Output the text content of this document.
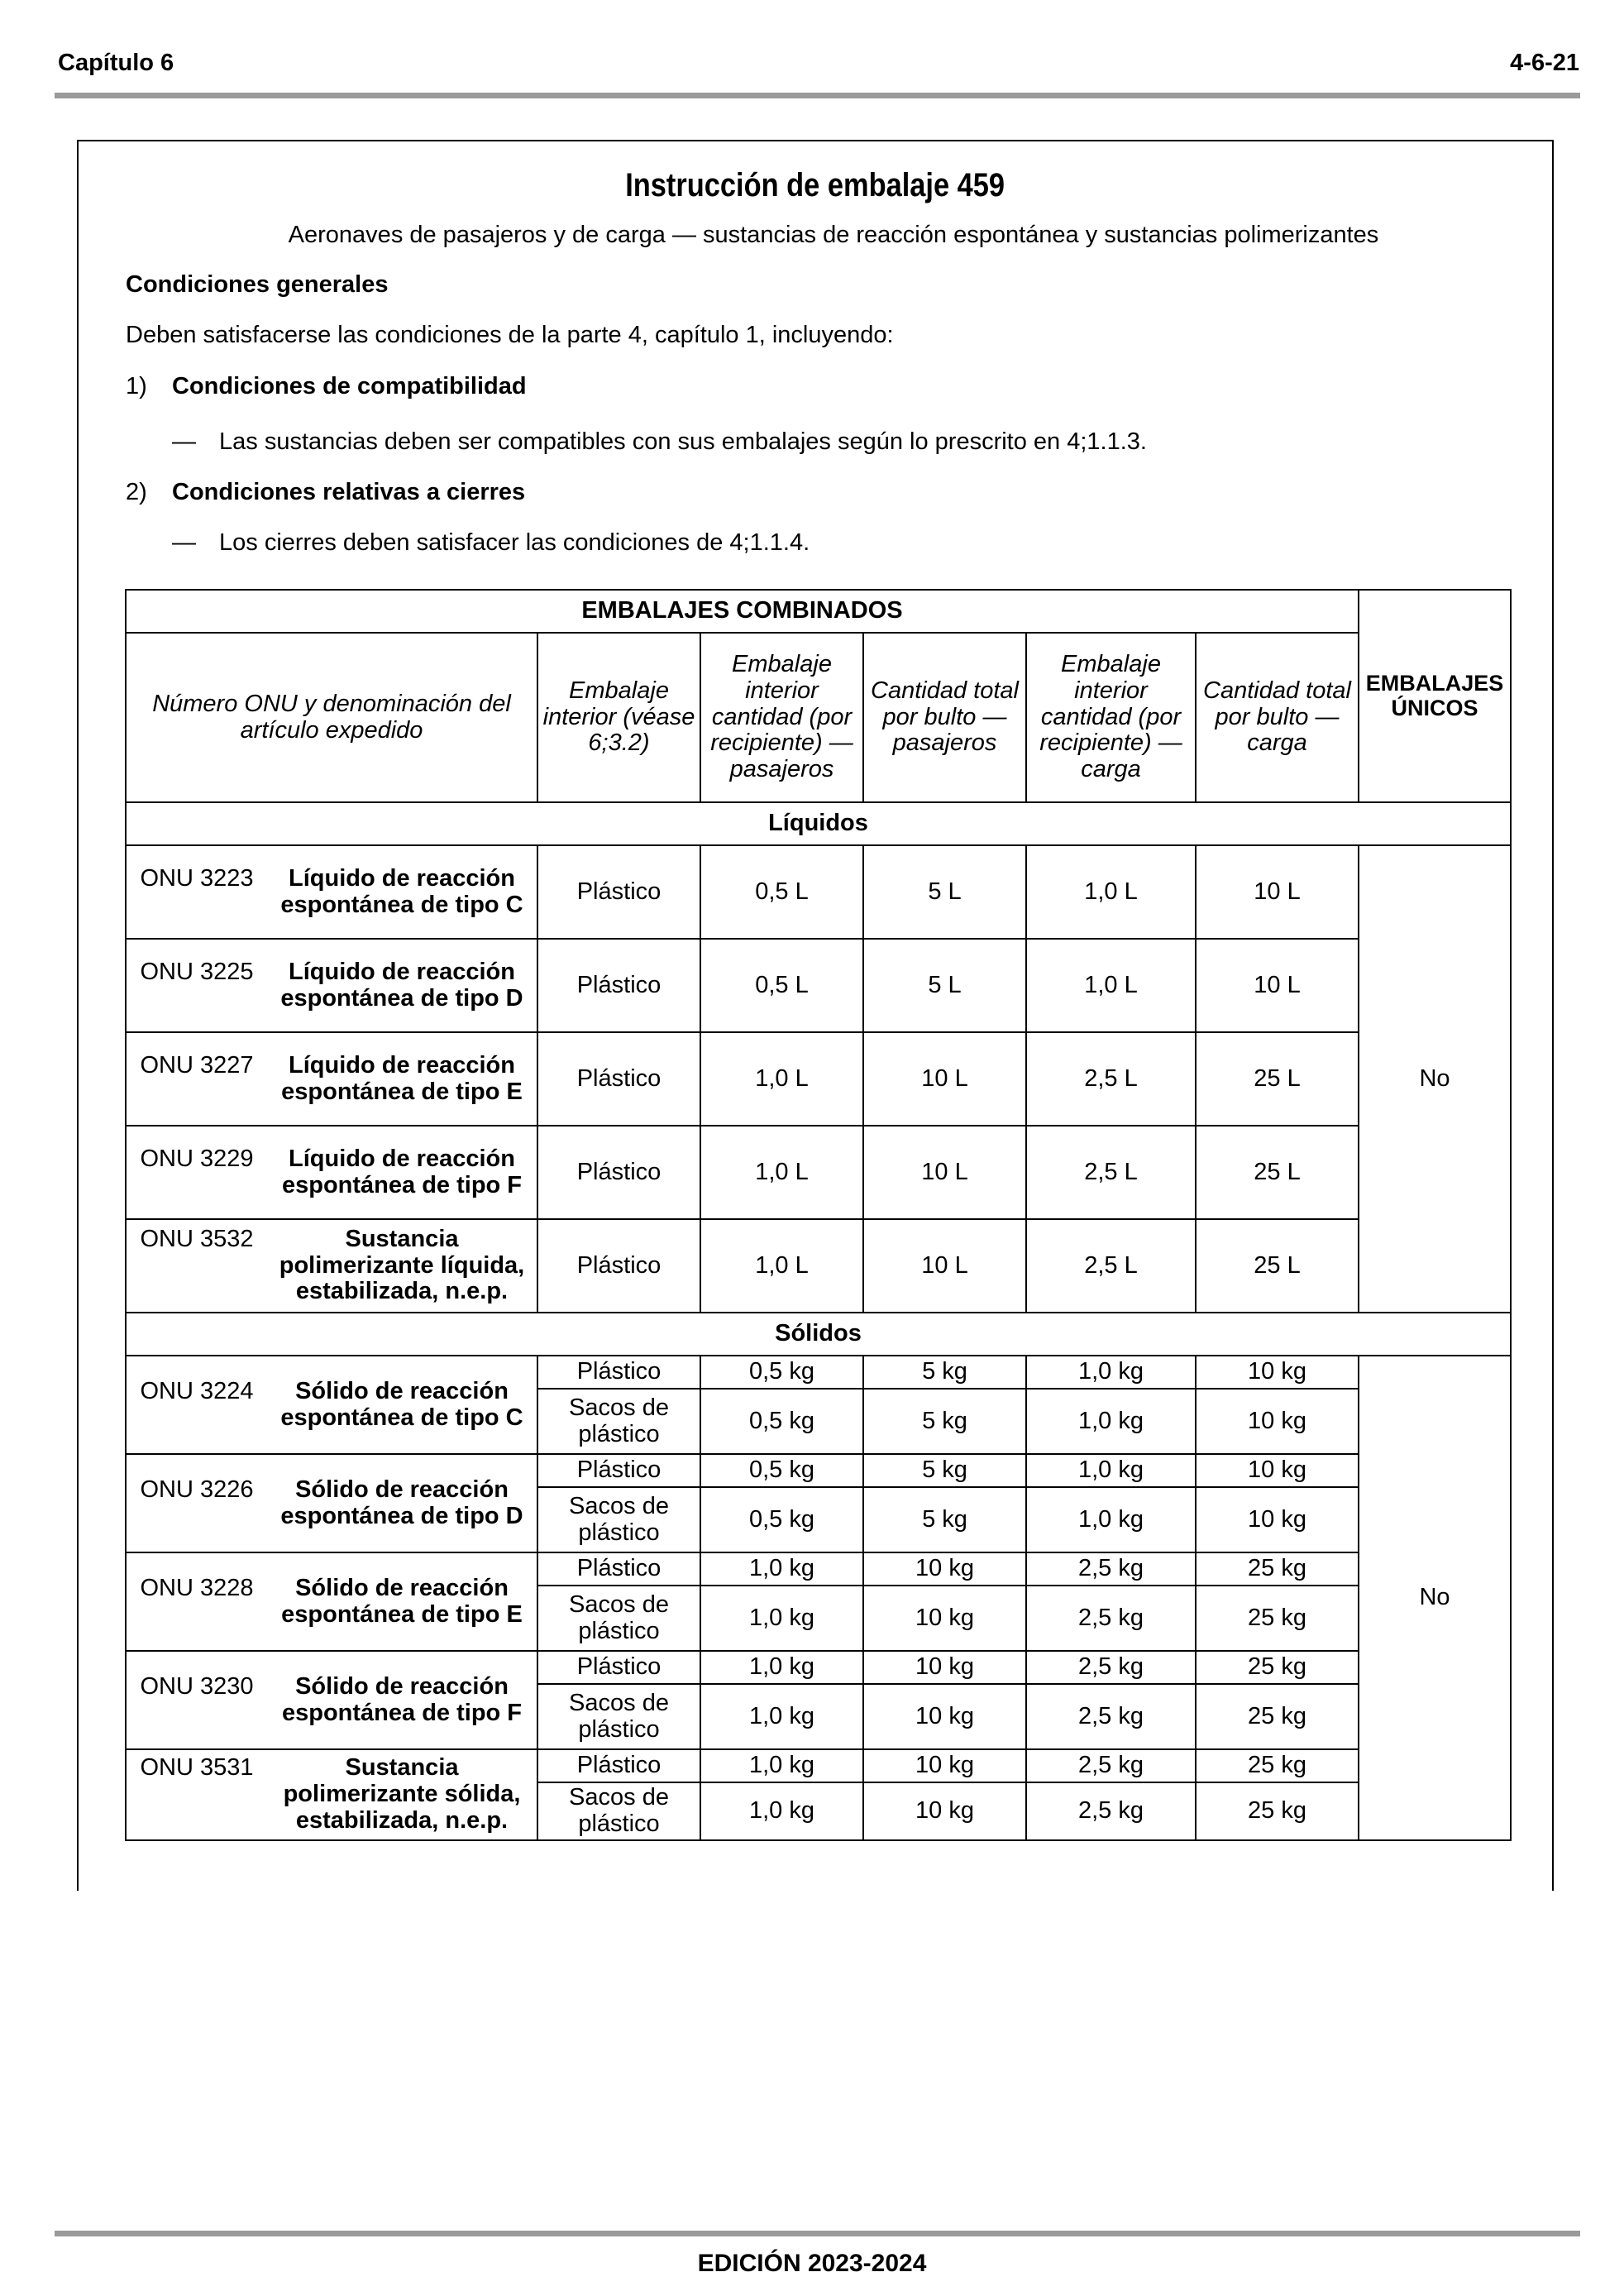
Capítulo 6	4-6-21
Instrucción de embalaje 459
Aeronaves de pasajeros y de carga — sustancias de reacción espontánea y sustancias polimerizantes
Condiciones generales
Deben satisfacerse las condiciones de la parte 4, capítulo 1, incluyendo:
1) Condiciones de compatibilidad
— Las sustancias deben ser compatibles con sus embalajes según lo prescrito en 4;1.1.3.
2) Condiciones relativas a cierres
— Los cierres deben satisfacer las condiciones de 4;1.1.4.
EMBALAJES COMBINADOS						EMBALAJES ÚNICOS
Número ONU y denominación del artículo expedido	Embalaje interior (véase 6;3.2)	Embalaje interior cantidad (por recipiente) — pasajeros	Cantidad total por bulto — pasajeros	Embalaje interior cantidad (por recipiente) — carga	Cantidad total por bulto — carga	
Líquidos						

ONU 3223 Líquido de reacción espontánea de tipo C	Plástico	0,5 L	5 L	1,0 L	10 L	No

ONU 3225 Líquido de reacción espontánea de tipo D	Plástico	0,5 L	5 L	1,0 L	10 L	

ONU 3227 Líquido de reacción espontánea de tipo E	Plástico	1,0 L	10 L	2,5 L	25 L	

ONU 3229 Líquido de reacción espontánea de tipo F	Plástico	1,0 L	10 L	2,5 L	25 L	

ONU 3532 Sustancia polimerizante líquida, estabilizada, n.e.p.	Plástico	1,0 L	10 L	2,5 L	25 L	
Sólidos						

ONU 3224 Sólido de reacción espontánea de tipo C	Plástico	0,5 kg	5 kg	1,0 kg	10 kg	No
	Sacos de plástico	0,5 kg	5 kg	1,0 kg	10 kg	

ONU 3226 Sólido de reacción espontánea de tipo D	Plástico	0,5 kg	5 kg	1,0 kg	10 kg	
	Sacos de plástico	0,5 kg	5 kg	1,0 kg	10 kg	

ONU 3228 Sólido de reacción espontánea de tipo E	Plástico	1,0 kg	10 kg	2,5 kg	25 kg	
	Sacos de plástico	1,0 kg	10 kg	2,5 kg	25 kg	

ONU 3230 Sólido de reacción espontánea de tipo F	Plástico	1,0 kg	10 kg	2,5 kg	25 kg	
	Sacos de plástico	1,0 kg	10 kg	2,5 kg	25 kg	

ONU 3531 Sustancia polimerizante sólida, estabilizada, n.e.p.	Plástico	1,0 kg	10 kg	2,5 kg	25 kg	
	Sacos de plástico	1,0 kg	10 kg	2,5 kg	25 kg	
EDICIÓN 2023-2024
